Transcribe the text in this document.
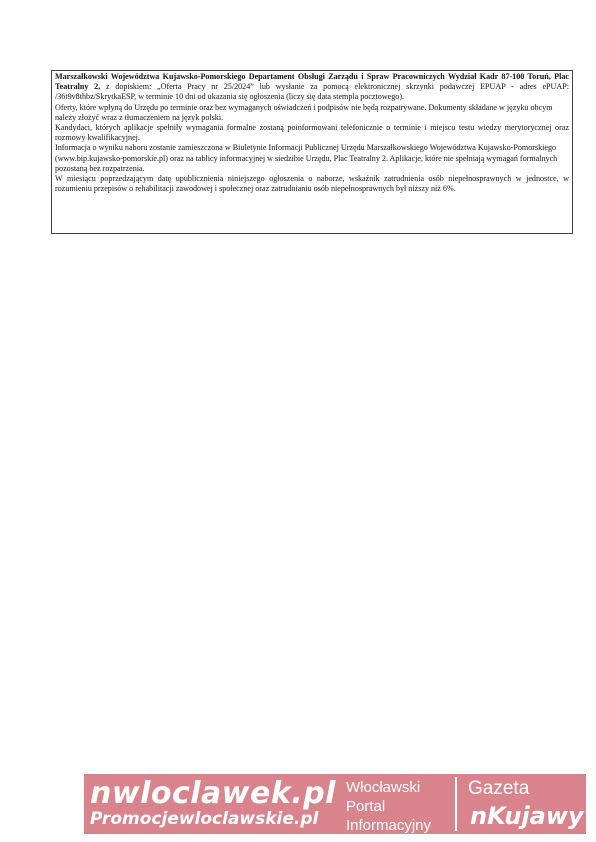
Marszałkowski Województwa Kujawsko-Pomorskiego Departament Obsługi Zarządu i Spraw Pracowniczych Wydział Kadr 87-100 Toruń, Plac Teatralny 2, z dopiskiem: „Oferta Pracy nr 25/2024” lub wysłanie za pomocą elektronicznej skrzynki podawczej EPUAP - adres ePUAP: /36t9v8thbz/SkrytkaESP, w terminie 10 dni od ukazania się ogłoszenia (liczy się data stempla pocztowego).

Oferty, które wpłyną do Urzędu po terminie oraz bez wymaganych oświadczeń i podpisów nie będą rozpatrywane. Dokumenty składane w języku obcym należy złożyć wraz z tłumaczeniem na język polski.

Kandydaci, których aplikacje spełniły wymagania formalne zostaną poinformowani telefonicznie o terminie i miejscu testu wiedzy merytorycznej oraz rozmowy kwalifikacyjnej.

Informacja o wyniku naboru zostanie zamieszczona w Biuletynie Informacji Publicznej Urzędu Marszałkowskiego Województwa Kujawsko-Pomorskiego (www.bip.kujawsko-pomorskie.pl) oraz na tablicy informacyjnej w siedzibie Urzędu, Plac Teatralny 2. Aplikacje, które nie spełniają wymagań formalnych pozostaną bez rozpatrzenia.

W miesiącu poprzedzającym datę upublicznienia niniejszego ogłoszenia o naborze, wskaźnik zatrudnienia osób niepełnosprawnych w jednostce, w rozumieniu przepisów o rehabilitacji zawodowej i społecznej oraz zatrudnianiu osób niepełnosprawnych był niższy niż 6%.

nwloclawek.pl
Promocjewloclawskie.pl
Włocławski
Portal
Informacyjny
Gazeta
nKujawy
